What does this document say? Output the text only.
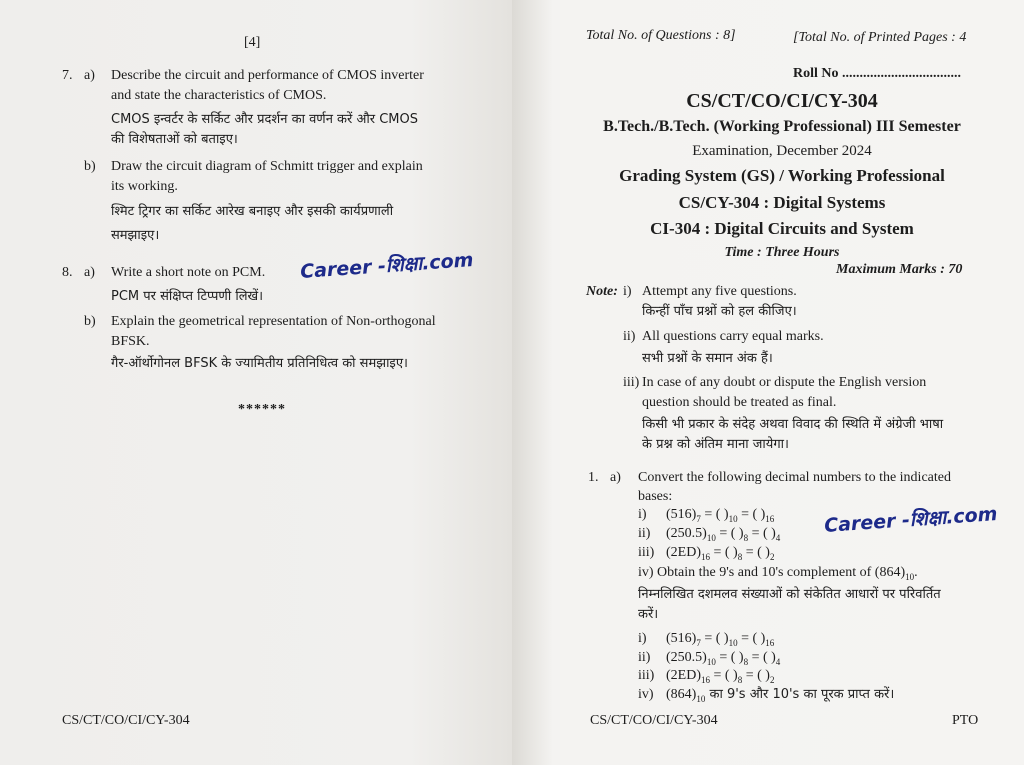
[4]
7. a) Describe the circuit and performance of CMOS inverter
and state the characteristics of CMOS.
CMOS इन्वर्टर के सर्किट और प्रदर्शन का वर्णन करें और CMOS
की विशेषताओं को बताइए।
b) Draw the circuit diagram of Schmitt trigger and explain
its working.
श्मिट ट्रिगर का सर्किट आरेख बनाइए और इसकी कार्यप्रणाली
समझाइए।
8. a) Write a short note on PCM. Career -शिक्षा.com
PCM पर संक्षिप्त टिप्पणी लिखें।
b) Explain the geometrical representation of Non-orthogonal
BFSK.
गैर-ऑर्थोगोनल BFSK के ज्यामितीय प्रतिनिधित्व को समझाइए।
******
CS/CT/CO/CI/CY-304
Total No. of Questions : 8]	[Total No. of Printed Pages : 4
Roll No ..................................
CS/CT/CO/CI/CY-304
B.Tech./B.Tech. (Working Professional) III Semester
Examination, December 2024
Grading System (GS) / Working Professional
CS/CY-304 : Digital Systems
CI-304 : Digital Circuits and System
Time : Three Hours
Maximum Marks : 70
Note: i) Attempt any five questions.
किन्हीं पाँच प्रश्नों को हल कीजिए।
ii) All questions carry equal marks.
सभी प्रश्नों के समान अंक हैं।
iii) In case of any doubt or dispute the English version
question should be treated as final.
किसी भी प्रकार के संदेह अथवा विवाद की स्थिति में अंग्रेजी भाषा
के प्रश्न को अंतिम माना जायेगा।
1. a) Convert the following decimal numbers to the indicated
bases:
i) $(516)_7$ = ( )$_{10}$ = ( )$_{16}$
ii) $(250.5)_{10}$ = ( )$_8$ = ( )$_4$
iii) $(2ED)_{16}$ = ( )$_8$ = ( )$_2$
Career -शिक्षा.com
iv) Obtain the 9's and 10's complement of $(864)_{10}$.
निम्नलिखित दशमलव संख्याओं को संकेतित आधारों पर परिवर्तित
करें।
i) $(516)_7$ = ( )$_{10}$ = ( )$_{16}$
ii) $(250.5)_{10}$ = ( )$_8$ = ( )$_4$
iii) $(2ED)_{16}$ = ( )$_8$ = ( )$_2$
iv) $(864)_{10}$ का 9's और 10's का पूरक प्राप्त करें।
CS/CT/CO/CI/CY-304	PTO
